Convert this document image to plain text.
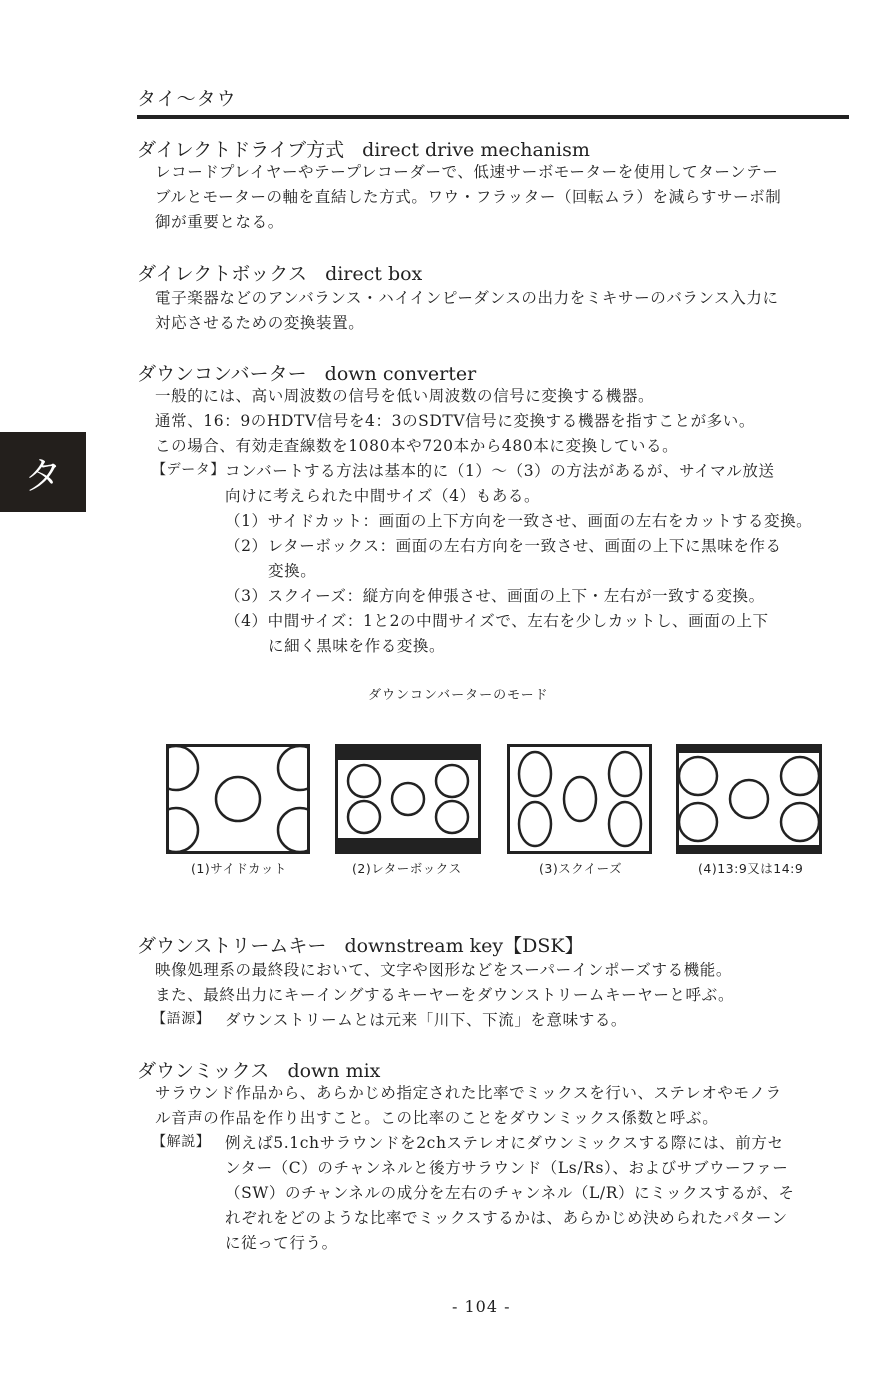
タイ〜タウ
タ
ダイレクトドライブ方式 direct drive mechanism
レコードプレイヤーやテープレコーダーで、低速サーボモーターを使用してターンテー
ブルとモーターの軸を直結した方式。ワウ・フラッター（回転ムラ）を減らすサーボ制
御が重要となる。
ダイレクトボックス direct box
電子楽器などのアンバランス・ハイインピーダンスの出力をミキサーのバランス入力に
対応させるための変換装置。
ダウンコンバーター down converter
一般的には、高い周波数の信号を低い周波数の信号に変換する機器。
通常、16：9のHDTV信号を4：3のSDTV信号に変換する機器を指すことが多い。
この場合、有効走査線数を1080本や720本から480本に変換している。
【データ】 コンバートする方法は基本的に（1）〜（3）の方法があるが、サイマル放送
向けに考えられた中間サイズ（4）もある。
（1）サイドカット：画面の上下方向を一致させ、画面の左右をカットする変換。
（2）レターボックス：画面の左右方向を一致させ、画面の上下に黒味を作る
変換。
（3）スクイーズ：縦方向を伸張させ、画面の上下・左右が一致する変換。
（4）中間サイズ：1と2の中間サイズで、左右を少しカットし、画面の上下
に細く黒味を作る変換。
ダウンコンバーターのモード
(1)サイドカット	(2)レターボックス	(3)スクイーズ	(4)13:9又は14:9
ダウンストリームキー downstream key【DSK】
映像処理系の最終段において、文字や図形などをスーパーインポーズする機能。
また、最終出力にキーイングするキーヤーをダウンストリームキーヤーと呼ぶ。
【語源】 ダウンストリームとは元来「川下、下流」を意味する。
ダウンミックス down mix
サラウンド作品から、あらかじめ指定された比率でミックスを行い、ステレオやモノラ
ル音声の作品を作り出すこと。この比率のことをダウンミックス係数と呼ぶ。
【解説】 例えば5.1chサラウンドを2chステレオにダウンミックスする際には、前方セ
ンター（C）のチャンネルと後方サラウンド（Ls/Rs）、およびサブウーファー
（SW）のチャンネルの成分を左右のチャンネル（L/R）にミックスするが、そ
れぞれをどのような比率でミックスするかは、あらかじめ決められたパターン
に従って行う。
- 104 -
